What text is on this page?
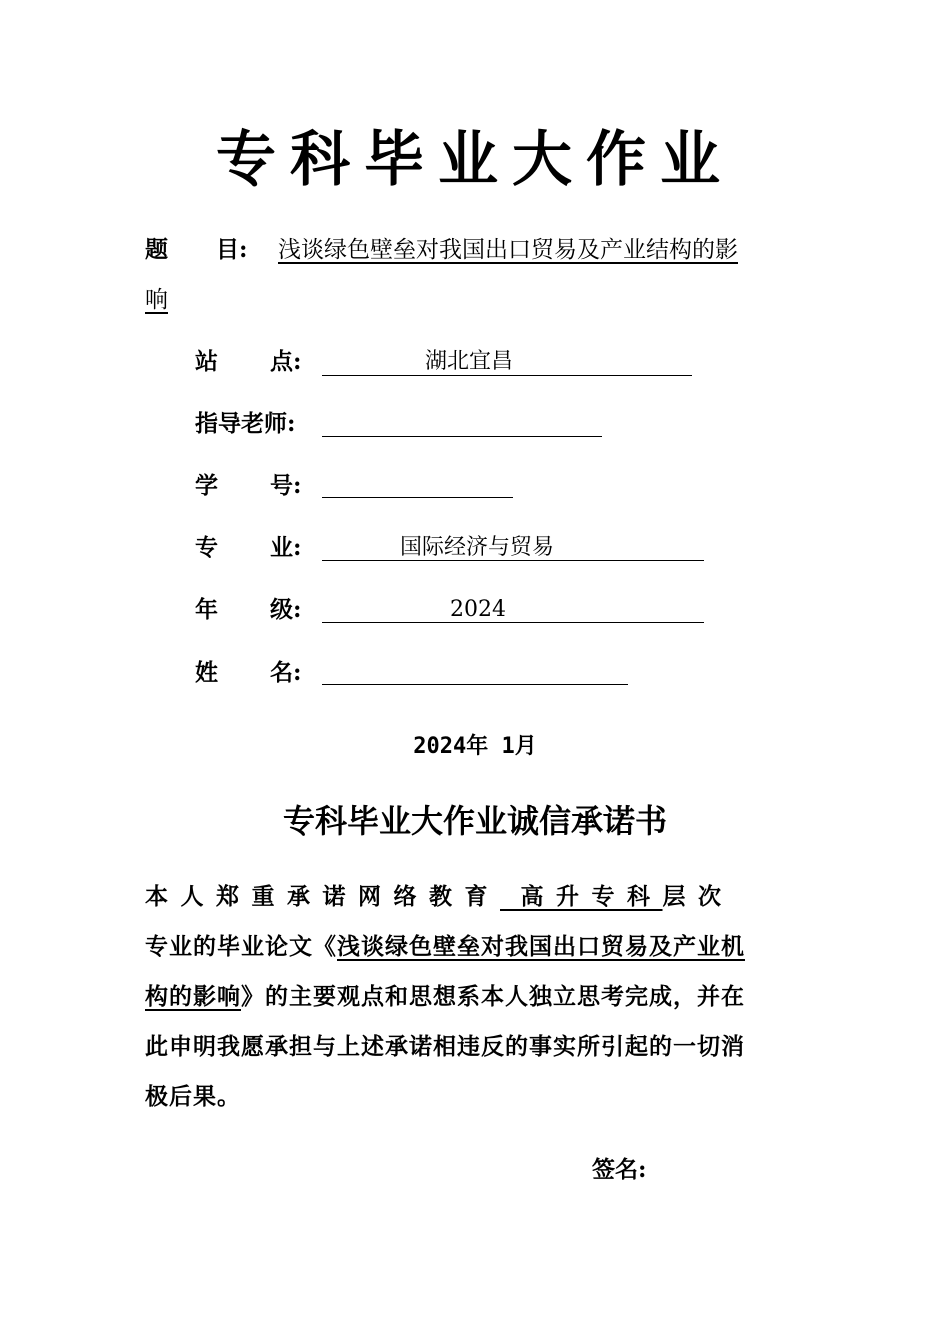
专科毕业大作业
题 目: 浅谈绿色壁垒对我国出口贸易及产业结构的影
响
站 点:	湖北宜昌
指导老师:
学 号:
专 业:	国际经济与贸易
年 级:	2024
姓 名:
2024年 1月
专科毕业大作业诚信承诺书
本人郑重承诺网络教育 高升专科层次
专业的毕业论文《浅谈绿色壁垒对我国出口贸易及产业机
构的影响》的主要观点和思想系本人独立思考完成，并在
此申明我愿承担与上述承诺相违反的事实所引起的一切消
极后果。
签名:
